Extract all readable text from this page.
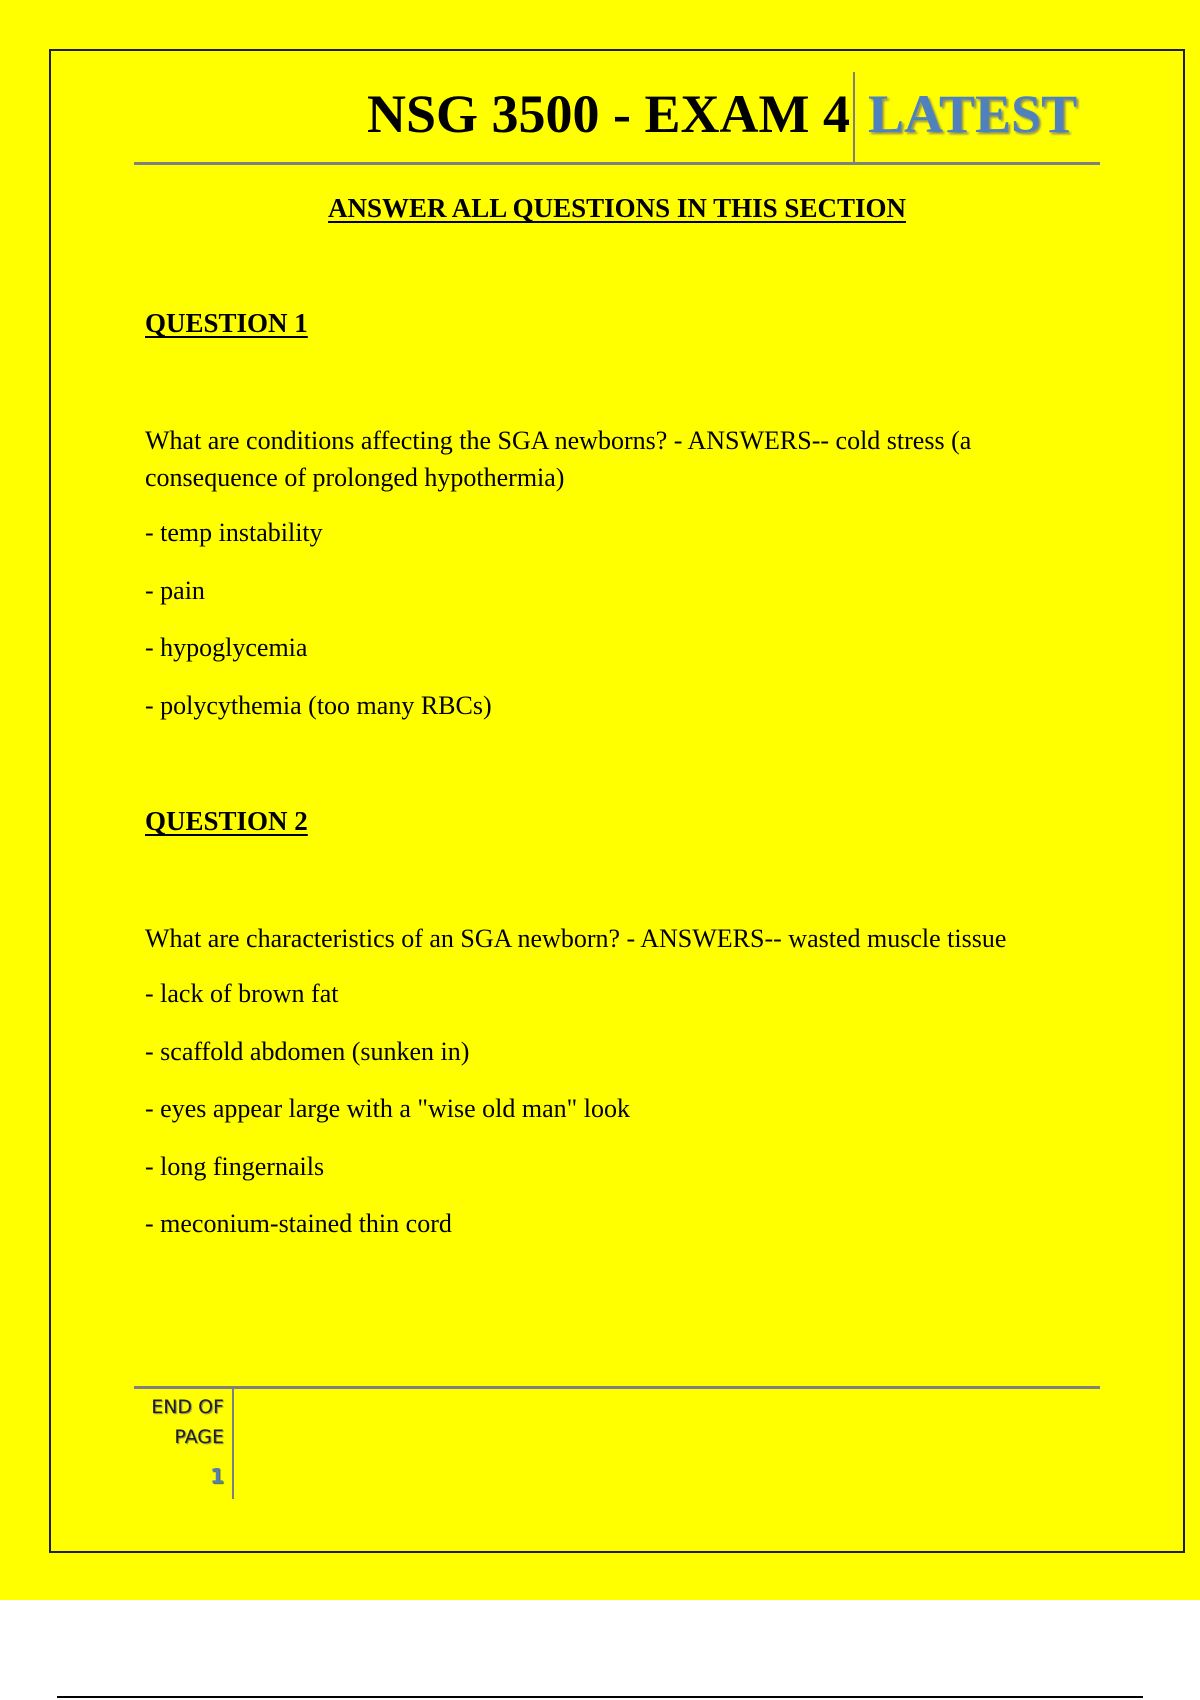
NSG 3500 - EXAM 4 LATEST
ANSWER ALL QUESTIONS IN THIS SECTION
QUESTION 1
What are conditions affecting the SGA newborns? - ANSWERS-- cold stress (a consequence of prolonged hypothermia)
- temp instability
- pain
- hypoglycemia
- polycythemia (too many RBCs)
QUESTION 2
What are characteristics of an SGA newborn? - ANSWERS-- wasted muscle tissue
- lack of brown fat
- scaffold abdomen (sunken in)
- eyes appear large with a "wise old man" look
- long fingernails
- meconium-stained thin cord
END OF
PAGE
1
